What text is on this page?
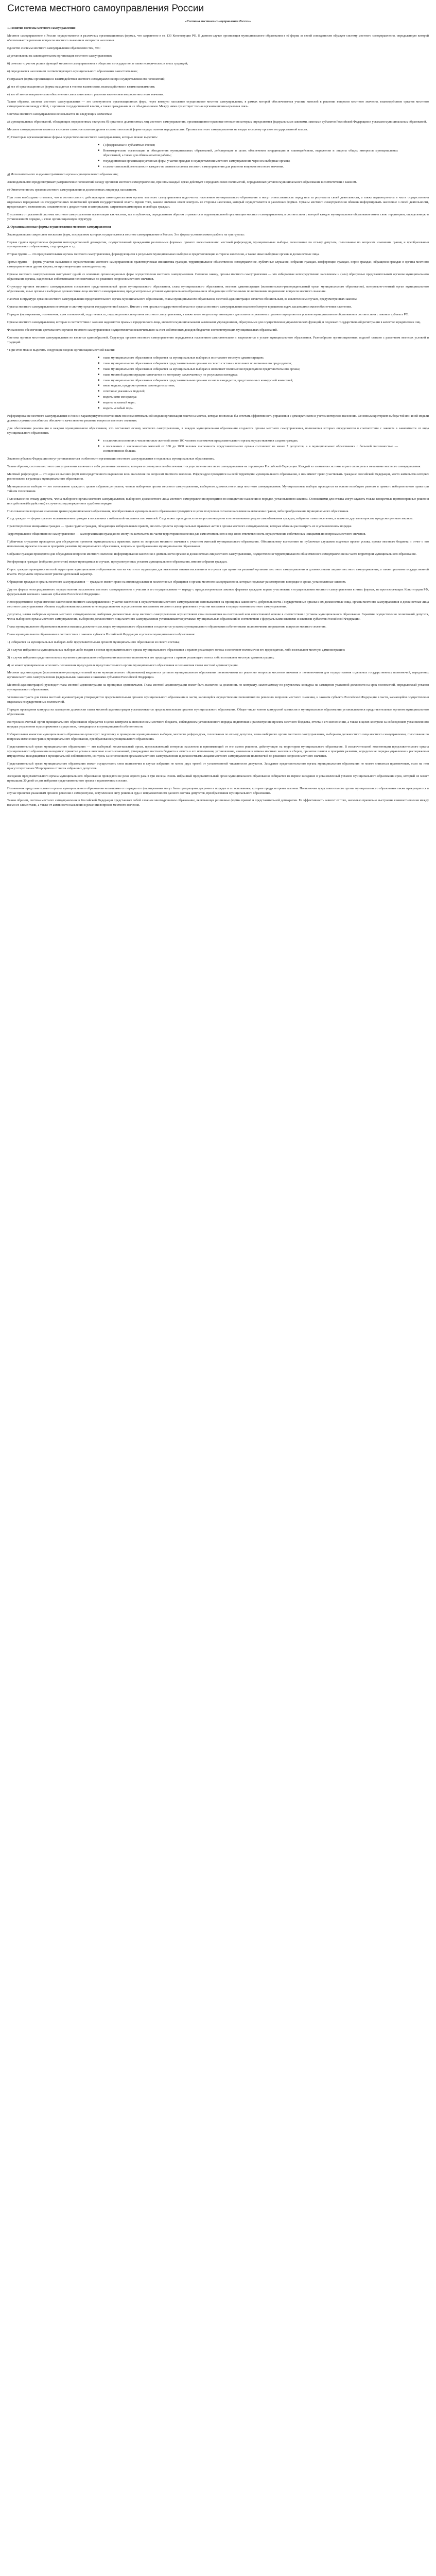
Система местного самоуправления России
«Система местного самоуправления России»

1. Понятие системы местного самоуправления

Местное самоуправление в России осуществляется в различных организационных формах, что закреплено в ст. 130 Конституции РФ. В данном случае организация муниципального образования в её форма за своей совокупности образует систему местного самоуправления, определенную которой обеспечивается решение вопросов местного значения и интересов населения.

Единство системы местного самоуправления обусловлено тем, что:

а) установлены на законодательном организация местного самоуправления;

б) сочетает с учетом роли и функций местного самоуправления в обществе и государстве, в также исторических и иных традиций;

в) определяется населением соответствующего муниципального образования самостоятельно;

г) отражает формы организации и взаимодействия местного самоуправления при осуществлении его полномочий;

д) все её организационные формы находятся в тесном взаимосвязи, взаимодействии и взаимозависимости;

е) все её звенья направлены на обеспечение самостоятельного решения населением вопросов местного значения.

Таким образом, система местного самоуправления — это совокупность организационных форм, через которую население осуществляет местное самоуправление, в рамках которой обеспечивается участие жителей в решении вопросов местного значения, взаимодействие органов местного самоуправления между собой, с органами государственной власти, а также гражданами и их объединениями. Между ними существует тесная организационно-правовая связь.

Система местного самоуправления основывается на следующих элементах:

а) муниципальных образований, обладающих определенным статусом; б) органов и должностных лиц местного самоуправления, организационно-правовые отношения которых определяются федеральными законами, законами субъектов Российской Федерации и уставами муниципальных образований.

Местное самоуправление является в системе самостоятельного уровня в самостоятельной форме осуществления народовластия. Органы местного самоуправления не входят в систему органов государственной власти.

В) Некоторые организационные формы осуществления местного самоуправления, которые можно выделить:

■ 1) федеральные и субъектные Россия;
■ Некоммерческие организации и объединения муниципальных образований, действующие в целях обеспечения координации и взаимодействия, выражения и защиты общих интересов муниципальных образований, а также для обмена опытом работы;
■ государственная организация уставных форм, участие граждан в осуществлении местного самоуправления через их выборные органы;
■ в самостоятельной деятельности каждого из звеньев системы местного самоуправления для решения вопросов местного значения.

д) Исполнительного и административного органа муниципального образования;

Законодательство предусматривает разграничение полномочий между органами местного самоуправления, при этом каждый орган действует в пределах своих полномочий, определенных уставом муниципального образования в соответствии с законом.

е) Ответственность органов местного самоуправления и должностных лиц перед населением.

При этом необходимо отметить, что в соответствии с действующим законодательством органы местного самоуправления подотчетны населению муниципального образования и несут ответственность перед ним за результаты своей деятельности, а также подконтрольны в части осуществления отдельных переданных им государственных полномочий органам государственной власти. Кроме того, важное значение имеет контроль со стороны населения, который осуществляется в различных формах. Органы местного самоуправления обязаны информировать население о своей деятельности, предоставлять возможность ознакомления с документами и материалами, затрагивающими права и свободы граждан.

В условиях от указанной системы местного самоуправления организация как частная, так и публичная, определенным образом отражается в территориальной организации местного самоуправления, в соответствии с которой каждое муниципальное образование имеет свою территорию, определенную в установленном порядке, и свою организационную структуру.

2. Организационные формы осуществления местного самоуправления

Законодательство закрепляет несколько форм, посредством которых осуществляется местное самоуправление в России. Эти формы условно можно разбить на три группы:

Первая группа представлена формами непосредственной демократии, осуществляемой гражданами различными формами прямого волеизъявления: местный референдум, муниципальные выборы, голосование по отзыву депутата, голосование по вопросам изменения границ и преобразования муниципального образования, сход граждан и т.д.

Вторая группа — это представительные органы местного самоуправления, формирующиеся в результате муниципальных выборов и представляющие интересы населения, а также иные выборные органы и должностные лица.

Третья группа — формы участия населения в осуществлении местного самоуправления: правотворческая инициатива граждан, территориальное общественное самоуправление, публичные слушания, собрания граждан, конференции граждан, опрос граждан, обращения граждан в органы местного самоуправления и другие формы, не противоречащие законодательству.

Органы местного самоуправления выступают одной из основных организационных форм осуществления местного самоуправления. Согласно закону, органы местного самоуправления — это избираемые непосредственно населением и (или) образуемые представительным органом муниципального образования органы, наделенные собственными полномочиями по решению вопросов местного значения.

Структуру органов местного самоуправления составляют представительный орган муниципального образования, глава муниципального образования, местная администрация (исполнительно-распорядительный орган муниципального образования), контрольно-счетный орган муниципального образования, иные органы и выборные должностные лица местного самоуправления, предусмотренные уставом муниципального образования и обладающие собственными полномочиями по решению вопросов местного значения.

Наличие в структуре органов местного самоуправления представительного органа муниципального образования, главы муниципального образования, местной администрации является обязательным, за исключением случаев, предусмотренных законом.

Органы местного самоуправления не входят в систему органов государственной власти. Вместе с тем органы государственной власти и органы местного самоуправления взаимодействуют в решении задач, касающихся жизнеобеспечения населения.

Порядок формирования, полномочия, срок полномочий, подотчетность, подконтрольность органов местного самоуправления, а также иные вопросы организации и деятельности указанных органов определяются уставом муниципального образования в соответствии с законом субъекта РФ.

Органы местного самоуправления, которые в соответствии с законом наделяются правами юридического лица, являются муниципальными казенными учреждениями, образуемыми для осуществления управленческих функций, и подлежат государственной регистрации в качестве юридических лиц.

Финансовое обеспечение деятельности органов местного самоуправления осуществляется исключительно за счет собственных доходов бюджетов соответствующих муниципальных образований.

Система органов местного самоуправления не является единообразной. Структура органов местного самоуправления определяется населением самостоятельно и закрепляется в уставе муниципального образования. Разнообразие организационных моделей связано с различием местных условий и традиций.

• При этом можно выделить следующие модели организации местной власти:

■ глава муниципального образования избирается на муниципальных выборах и возглавляет местную администрацию;
■ глава муниципального образования избирается представительным органом из своего состава и исполняет полномочия его председателя;
■ глава муниципального образования избирается на муниципальных выборах и исполняет полномочия председателя представительного органа;
■ глава местной администрации назначается по контракту, заключаемому по результатам конкурса;
■ глава муниципального образования избирается представительным органом из числа кандидатов, представленных конкурсной комиссией;
■ иные модели, предусмотренные законодательством;
■ сочетание указанных моделей;
■ модель сити-менеджера;
■ модель «сильный мэр»;
■ модель «слабый мэр».

Реформирование местного самоуправления в России характеризуется постоянным поиском оптимальной модели организации власти на местах, которая позволила бы сочетать эффективность управления с демократизмом и учетом интересов населения. Основным критерием выбора той или иной модели должна служить способность обеспечить качественное решение вопросов местного значения.

Для обеспечения реализации в каждом муниципальном образовании, что составляет основу местного самоуправления, в каждом муниципальном образовании создаются органы местного самоуправления, полномочия которых определяются в соответствии с законом в зависимости от вида муниципального образования.

■ в сельских поселениях с численностью жителей менее 100 человек полномочия представительного органа осуществляются сходом граждан;
■ в поселениях с численностью жителей от 100 до 1000 человек численность представительного органа составляет не менее 7 депутатов, а в муниципальных образованиях с большей численностью — соответственно больше.

Законом субъекта Федерации могут устанавливаться особенности организации местного самоуправления в отдельных муниципальных образованиях.

Таким образом, система местного самоуправления включает в себя различные элементы, которые в совокупности обеспечивают осуществление местного самоуправления на территории Российской Федерации. Каждый из элементов системы играет свою роль в механизме местного самоуправления.

Местный референдум — это одна из высших форм непосредственного выражения воли населения по вопросам местного значения. Референдум проводится на всей территории муниципального образования, в нем имеют право участвовать граждане Российской Федерации, место жительства которых расположено в границах муниципального образования.

Муниципальные выборы — это голосование граждан с целью избрания депутатов, членов выборного органа местного самоуправления, выборного должностного лица местного самоуправления. Муниципальные выборы проводятся на основе всеобщего равного и прямого избирательного права при тайном голосовании.

Голосование по отзыву депутата, члена выборного органа местного самоуправления, выборного должностного лица местного самоуправления проводится по инициативе населения в порядке, установленном законом. Основаниями для отзыва могут служить только конкретные противоправные решения или действия (бездействие) в случае их подтверждения в судебном порядке.

Голосование по вопросам изменения границ муниципального образования, преобразования муниципального образования проводится в целях получения согласия населения на изменение границ либо преобразование муниципального образования.

Сход граждан — форма прямого волеизъявления граждан в поселениях с небольшой численностью жителей. Сход может проводиться по вопросам введения и использования средств самообложения граждан, избрания главы поселения, а также по другим вопросам, предусмотренным законом.

Правотворческая инициатива граждан — право группы граждан, обладающих избирательным правом, вносить проекты муниципальных правовых актов в органы местного самоуправления, которые обязаны рассмотреть их в установленном порядке.

Территориальное общественное самоуправление — самоорганизация граждан по месту их жительства на части территории поселения для самостоятельного и под свою ответственность осуществления собственных инициатив по вопросам местного значения.

Публичные слушания проводятся для обсуждения проектов муниципальных правовых актов по вопросам местного значения с участием жителей муниципального образования. Обязательному вынесению на публичные слушания подлежат проект устава, проект местного бюджета и отчет о его исполнении, проекты планов и программ развития муниципального образования, вопросы о преобразовании муниципального образования.

Собрание граждан проводится для обсуждения вопросов местного значения, информирования населения о деятельности органов и должностных лиц местного самоуправления, осуществления территориального общественного самоуправления на части территории муниципального образования.

Конференция граждан (собрание делегатов) может проводиться в случаях, предусмотренных уставом муниципального образования, вместо собрания граждан.

Опрос граждан проводится на всей территории муниципального образования или на части его территории для выявления мнения населения и его учета при принятии решений органами местного самоуправления и должностными лицами местного самоуправления, а также органами государственной власти. Результаты опроса носят рекомендательный характер.

Обращения граждан в органы местного самоуправления — граждане имеют право на индивидуальные и коллективные обращения в органы местного самоуправления, которые подлежат рассмотрению в порядке и сроки, установленные законом.

Другие формы непосредственного осуществления населением местного самоуправления и участия в его осуществлении — наряду с предусмотренными законом формами граждане вправе участвовать в осуществлении местного самоуправления в иных формах, не противоречащих Конституции РФ, федеральным законам и законам субъектов Российской Федерации.

Непосредственное осуществление населением местного самоуправления и участие населения в осуществлении местного самоуправления основываются на принципах законности, добровольности. Государственные органы и их должностные лица, органы местного самоуправления и должностные лица местного самоуправления обязаны содействовать населению в непосредственном осуществлении населением местного самоуправления и участии населения в осуществлении местного самоуправления.

Депутаты, члены выборных органов местного самоуправления, выборные должностные лица местного самоуправления осуществляют свои полномочия на постоянной или непостоянной основе в соответствии с уставом муниципального образования. Гарантии осуществления полномочий депутата, члена выборного органа местного самоуправления, выборного должностного лица местного самоуправления устанавливаются уставами муниципальных образований в соответствии с федеральными законами и законами субъектов Российской Федерации.

Глава муниципального образования является высшим должностным лицом муниципального образования и наделяется уставом муниципального образования собственными полномочиями по решению вопросов местного значения.

Глава муниципального образования в соответствии с законом субъекта Российской Федерации и уставом муниципального образования:

1) избирается на муниципальных выборах либо представительным органом муниципального образования из своего состава;

2) в случае избрания на муниципальных выборах либо входит в состав представительного органа муниципального образования с правом решающего голоса и исполняет полномочия его председателя, либо возглавляет местную администрацию;

3) в случае избрания представительным органом муниципального образования исполняет полномочия его председателя с правом решающего голоса либо возглавляет местную администрацию;

4) не может одновременно исполнять полномочия председателя представительного органа муниципального образования и полномочия главы местной администрации.

Местная администрация (исполнительно-распорядительный орган муниципального образования) наделяется уставом муниципального образования полномочиями по решению вопросов местного значения и полномочиями для осуществления отдельных государственных полномочий, переданных органам местного самоуправления федеральными законами и законами субъектов Российской Федерации.

Местной администрацией руководит глава местной администрации на принципах единоначалия. Глава местной администрации может быть назначен на должность по контракту, заключаемому по результатам конкурса на замещение указанной должности на срок полномочий, определяемый уставом муниципального образования.

Условия контракта для главы местной администрации утверждаются представительным органом муниципального образования в части, касающейся осуществления полномочий по решению вопросов местного значения, и законом субъекта Российской Федерации в части, касающейся осуществления отдельных государственных полномочий.

Порядок проведения конкурса на замещение должности главы местной администрации устанавливается представительным органом муниципального образования. Общее число членов конкурсной комиссии в муниципальном образовании устанавливается представительным органом муниципального образования.

Контрольно-счетный орган муниципального образования образуется в целях контроля за исполнением местного бюджета, соблюдением установленного порядка подготовки и рассмотрения проекта местного бюджета, отчета о его исполнении, а также в целях контроля за соблюдением установленного порядка управления и распоряжения имуществом, находящимся в муниципальной собственности.

Избирательная комиссия муниципального образования организует подготовку и проведение муниципальных выборов, местного референдума, голосования по отзыву депутата, члена выборного органа местного самоуправления, выборного должностного лица местного самоуправления, голосования по вопросам изменения границ муниципального образования, преобразования муниципального образования.

Представительный орган муниципального образования — это выборный коллегиальный орган, представляющий интересы населения и принимающий от его имени решения, действующие на территории муниципального образования. В исключительной компетенции представительного органа муниципального образования находятся: принятие устава и внесение в него изменений, утверждение местного бюджета и отчета о его исполнении, установление, изменение и отмена местных налогов и сборов, принятие планов и программ развития, определение порядка управления и распоряжения имуществом, находящимся в муниципальной собственности, контроль за исполнением органами местного самоуправления и должностными лицами местного самоуправления полномочий по решению вопросов местного значения.

Представительный орган муниципального образования может осуществлять свои полномочия в случае избрания не менее двух третей от установленной численности депутатов. Заседание представительного органа муниципального образования не может считаться правомочным, если на нем присутствует менее 50 процентов от числа избранных депутатов.

Заседания представительного органа муниципального образования проводятся не реже одного раза в три месяца. Вновь избранный представительный орган муниципального образования собирается на первое заседание в установленный уставом муниципального образования срок, который не может превышать 30 дней со дня избрания представительного органа в правомочном составе.

Полномочия представительного органа муниципального образования независимо от порядка его формирования могут быть прекращены досрочно в порядке и по основаниям, которые предусмотрены законом. Полномочия представительного органа муниципального образования также прекращаются в случае принятия указанным органом решения о самороспуске, вступления в силу решения суда о неправомочности данного состава депутатов, преобразования муниципального образования.

Таким образом, система местного самоуправления в Российской Федерации представляет собой сложное многоуровневое образование, включающее различные формы прямой и представительной демократии. Ее эффективность зависит от того, насколько правильно выстроены взаимоотношения между всеми ее элементами, а также от активности населения в решении вопросов местного значения.
